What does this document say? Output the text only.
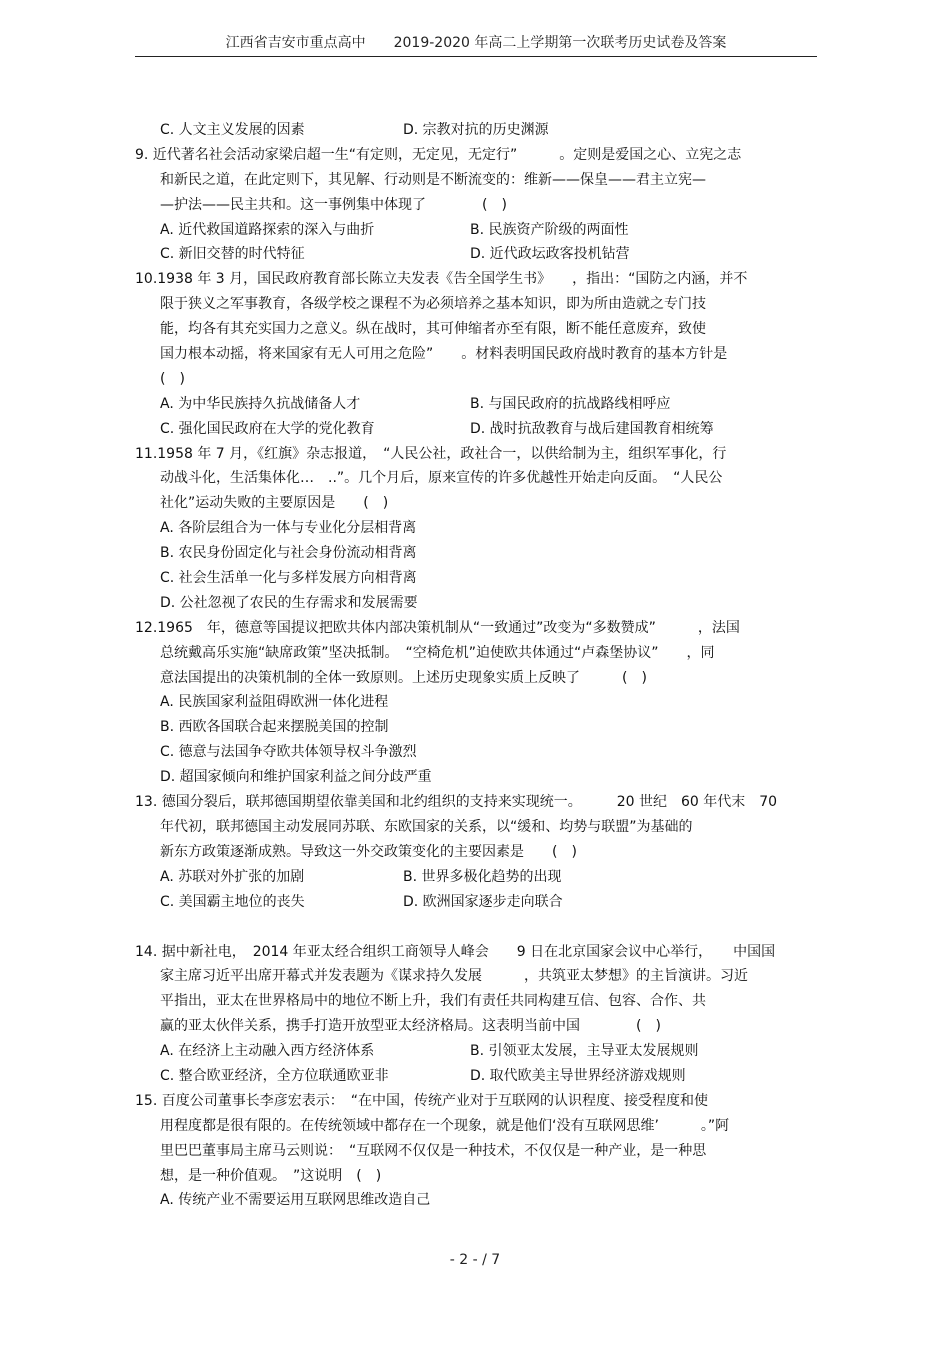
江西省吉安市重点高中　　2019-2020 年高二上学期第一次联考历史试卷及答案
C. 人文主义发展的因素	D. 宗教对抗的历史渊源
9. 近代著名社会活动家梁启超一生“有定则，无定见，无定行”　　　。定则是爱国之心、立宪之志
和新民之道，在此定则下，其见解、行动则是不断流变的：维新——保皇——君主立宪—
—护法——民主共和。这一事例集中体现了　　　　(　)
A. 近代救国道路探索的深入与曲折	B. 民族资产阶级的两面性
C. 新旧交替的时代特征	D. 近代政坛政客投机钻营
10.1938 年 3 月，国民政府教育部长陈立夫发表《告全国学生书》　　，指出：“国防之内涵，并不
限于狭义之军事教育，各级学校之课程不为必须培养之基本知识，即为所由造就之专门技
能，均各有其充实国力之意义。纵在战时，其可伸缩者亦至有限，断不能任意废弃，致使
国力根本动摇，将来国家有无人可用之危险”　　。材料表明国民政府战时教育的基本方针是
(　)
A. 为中华民族持久抗战储备人才	B. 与国民政府的抗战路线相呼应
C. 强化国民政府在大学的党化教育	D. 战时抗敌教育与战后建国教育相统筹
11.1958 年 7 月，《红旗》杂志报道，　“人民公社，政社合一，以供给制为主，组织军事化，行
动战斗化，生活集体化…　..”。几个月后，原来宣传的许多优越性开始走向反面。　“人民公
社化”运动失败的主要原因是　　(　)
A. 各阶层组合为一体与专业化分层相背离
B. 农民身份固定化与社会身份流动相背离
C. 社会生活单一化与多样发展方向相背离
D. 公社忽视了农民的生存需求和发展需要
12.1965　年，德意等国提议把欧共体内部决策机制从“一致通过”改变为“多数赞成”　　　，法国
总统戴高乐实施“缺席政策”坚决抵制。　“空椅危机”迫使欧共体通过“卢森堡协议”　　，同
意法国提出的决策机制的全体一致原则。上述历史现象实质上反映了　　　(　)
A. 民族国家利益阻碍欧洲一体化进程
B. 西欧各国联合起来摆脱美国的控制
C. 德意与法国争夺欧共体领导权斗争激烈
D. 超国家倾向和维护国家利益之间分歧严重
13. 德国分裂后，联邦德国期望依靠美国和北约组织的支持来实现统一。　　　20 世纪　60 年代末　70
年代初，联邦德国主动发展同苏联、东欧国家的关系，以“缓和、均势与联盟”为基础的
新东方政策逐渐成熟。导致这一外交政策变化的主要因素是　　(　)
A. 苏联对外扩张的加剧	B. 世界多极化趋势的出现
C. 美国霸主地位的丧失	D. 欧洲国家逐步走向联合
14. 据中新社电，　2014 年亚太经合组织工商领导人峰会　　9 日在北京国家会议中心举行，　　中国国
家主席习近平出席开幕式并发表题为《谋求持久发展　　　，共筑亚太梦想》的主旨演讲。习近
平指出，亚太在世界格局中的地位不断上升，我们有责任共同构建互信、包容、合作、共
赢的亚太伙伴关系，携手打造开放型亚太经济格局。这表明当前中国　　　　(　)
A. 在经济上主动融入西方经济体系	B. 引领亚太发展，主导亚太发展规则
C. 整合欧亚经济，全方位联通欧亚非	D. 取代欧美主导世界经济游戏规则
15. 百度公司董事长李彦宏表示：　“在中国，传统产业对于互联网的认识程度、接受程度和使
用程度都是很有限的。在传统领域中都存在一个现象，就是他们‘没有互联网思维’　　　。”阿
里巴巴董事局主席马云则说：　“互联网不仅仅是一种技术，不仅仅是一种产业，是一种思
想，是一种价值观。　”这说明　(　)
A. 传统产业不需要运用互联网思维改造自己
- 2 - / 7
